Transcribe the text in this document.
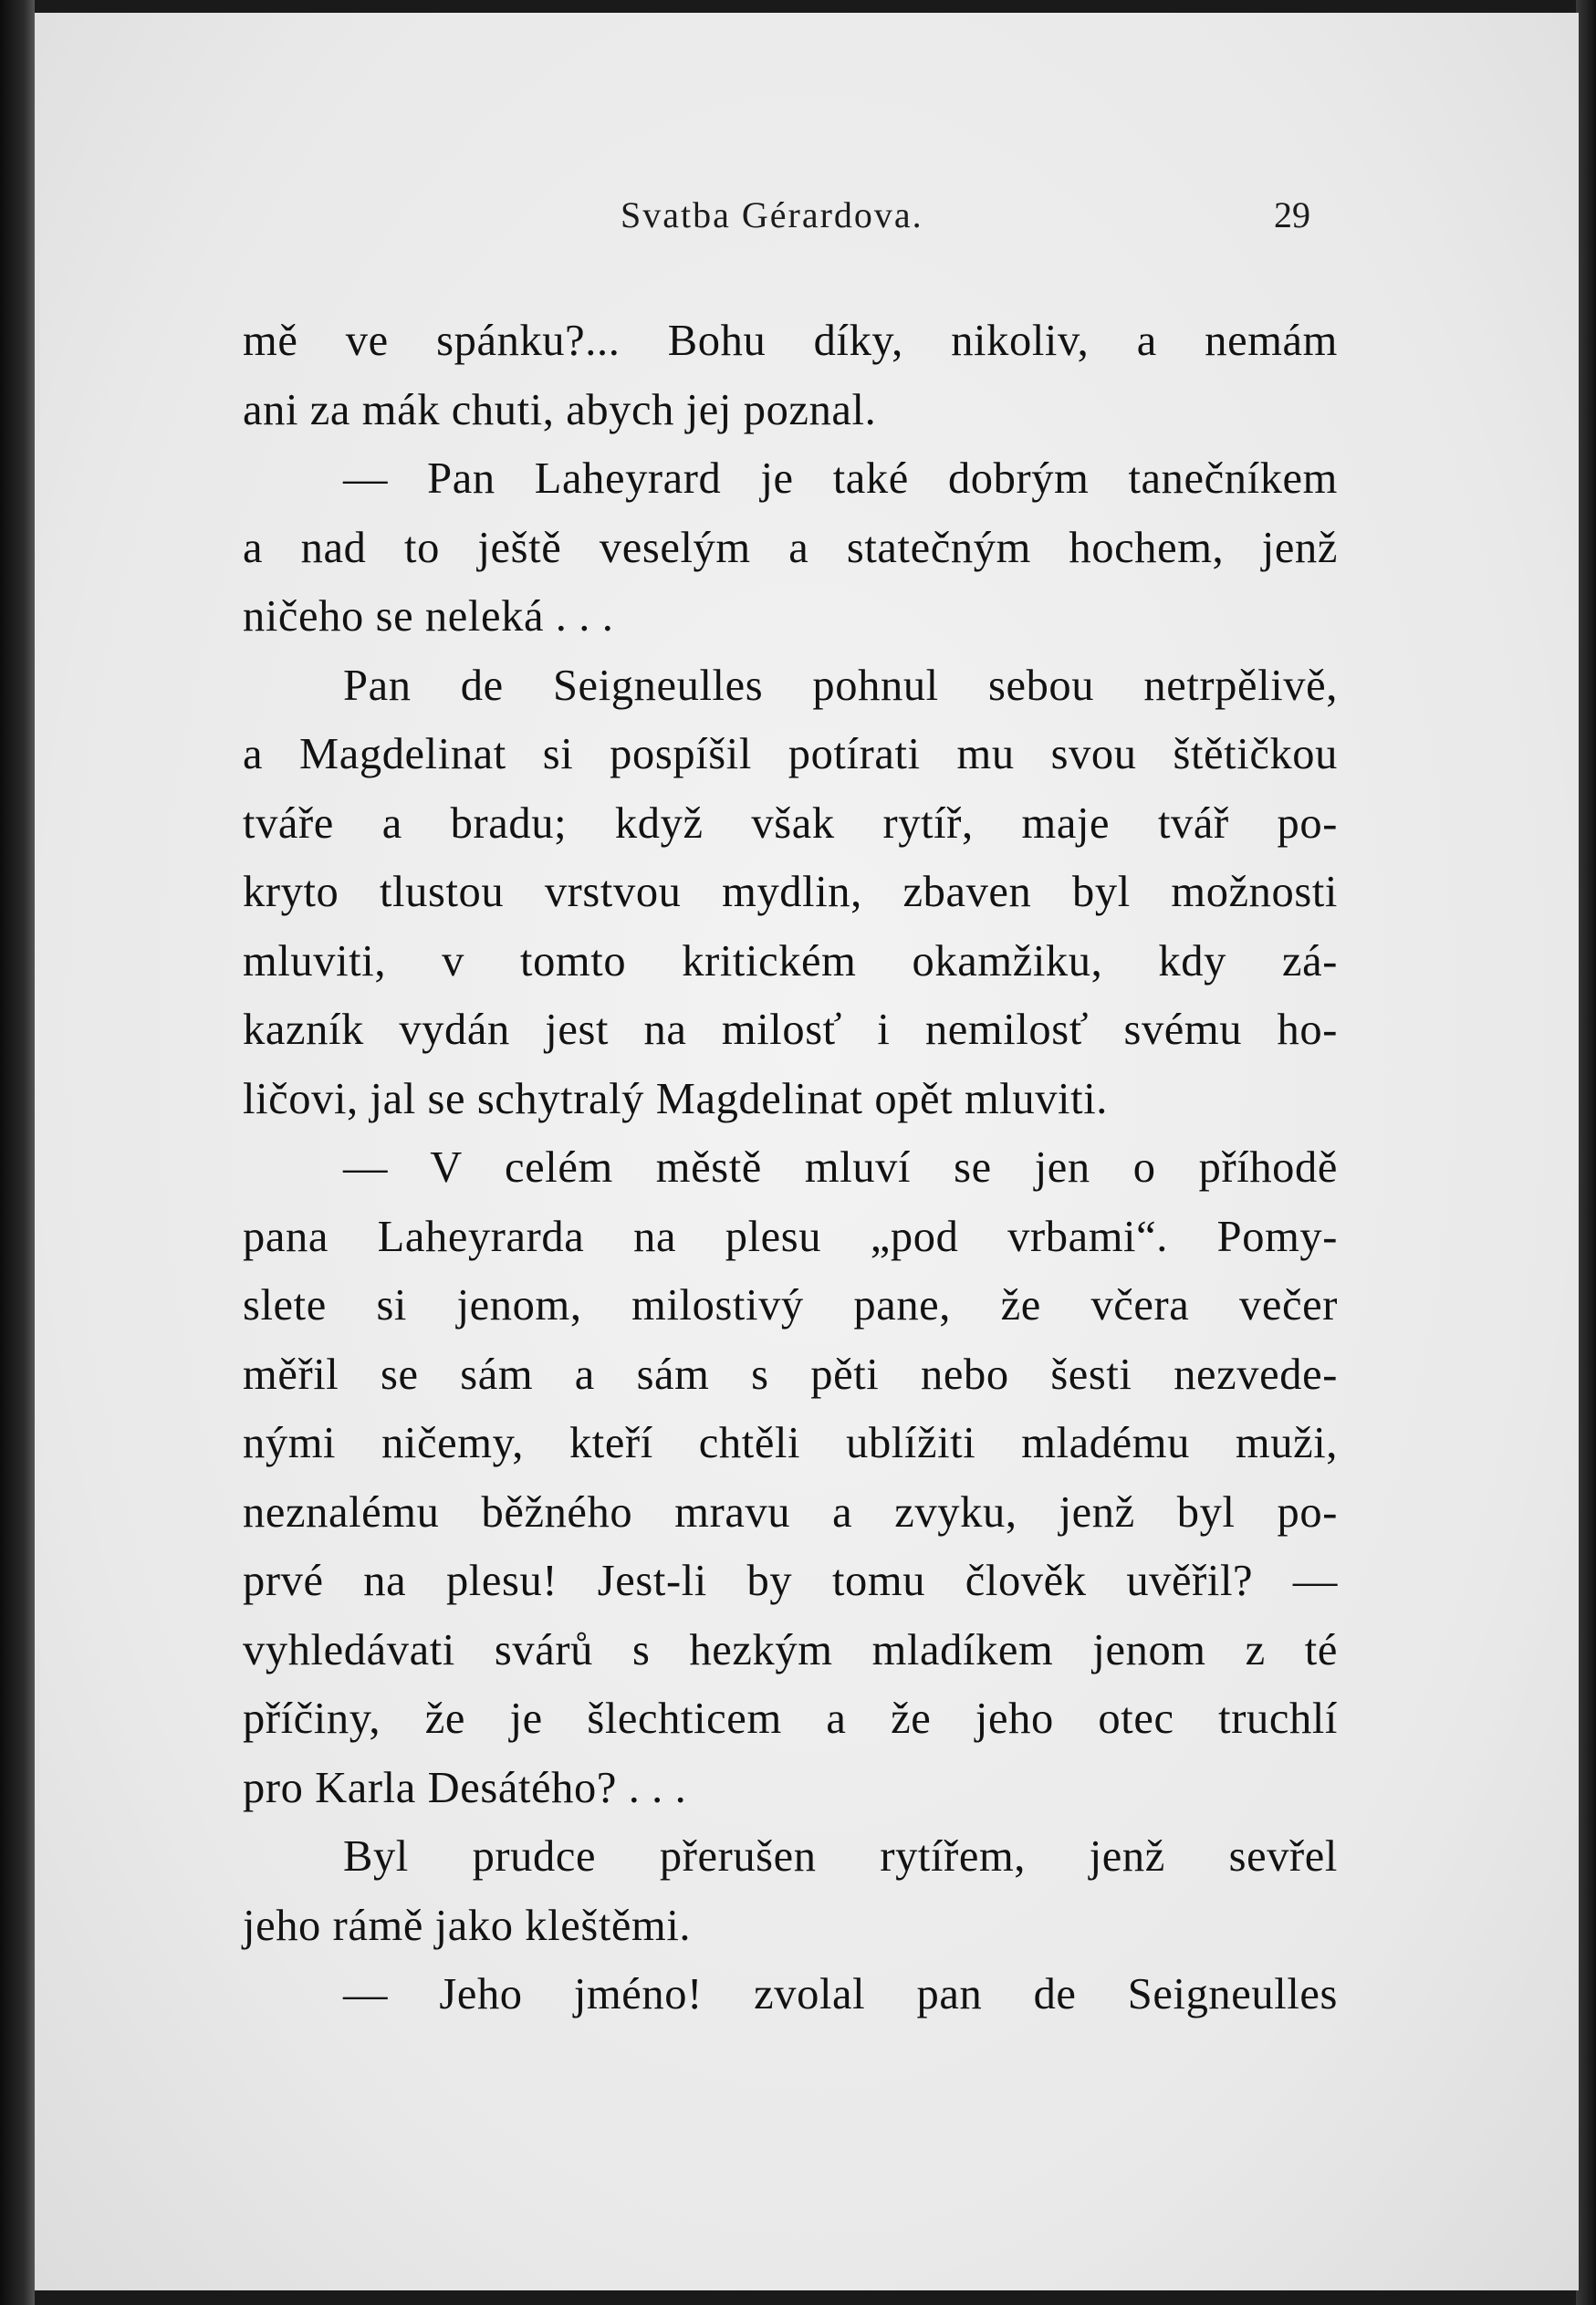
Svatba Gérardova.	29
mě ve spánku?... Bohu díky, nikoliv, a nemám
ani za mák chuti, abych jej poznal.
— Pan Laheyrard je také dobrým tanečníkem
a nad to ještě veselým a statečným hochem, jenž
ničeho se neleká . . .
Pan de Seigneulles pohnul sebou netrpělivě,
a Magdelinat si pospíšil potírati mu svou štětičkou
tváře a bradu; když však rytíř, maje tvář po-
kryto tlustou vrstvou mydlin, zbaven byl možnosti
mluviti, v tomto kritickém okamžiku, kdy zá-
kazník vydán jest na milosť i nemilosť svému ho-
ličovi, jal se schytralý Magdelinat opět mluviti.
— V celém městě mluví se jen o příhodě
pana Laheyrarda na plesu „pod vrbami“. Pomy-
slete si jenom, milostivý pane, že včera večer
měřil se sám a sám s pěti nebo šesti nezvede-
nými ničemy, kteří chtěli ublížiti mladému muži,
neznalému běžného mravu a zvyku, jenž byl po-
prvé na plesu! Jest-li by tomu člověk uvěřil? —
vyhledávati svárů s hezkým mladíkem jenom z té
příčiny, že je šlechticem a že jeho otec truchlí
pro Karla Desátého? . . .
Byl prudce přerušen rytířem, jenž sevřel
jeho rámě jako kleštěmi.
— Jeho jméno! zvolal pan de Seigneulles
